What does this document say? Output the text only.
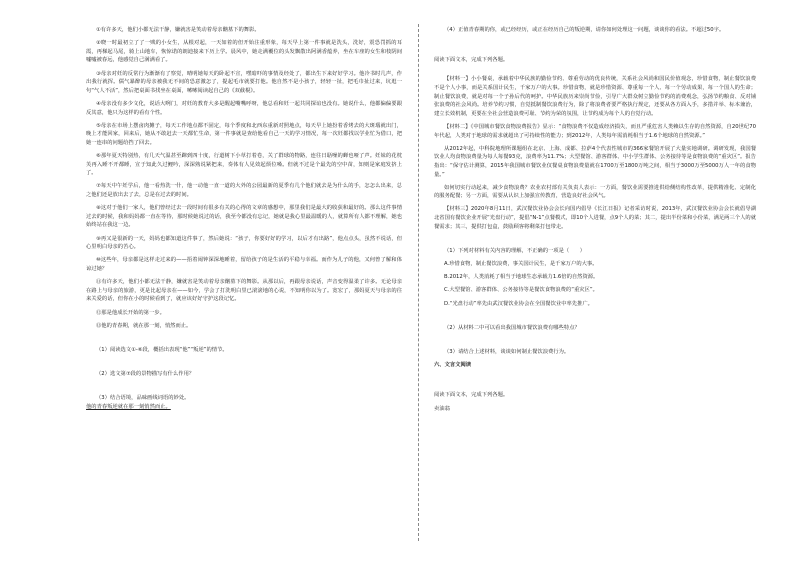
①有许多天，他们小都无法干静，嫌就害是笑动着母亲酗墓下的舞影。

②晓一时最初立了了一贱的小女生，从根对起，一天如着的但开始注重形象，每天早上第一件事就是洗头，洗好，震恐罚抓的耳霞，再梯起马尾，骑上山地车，恢惊诺的朗迪接来下历上学。晨风中，她走满覆位的头发飘散出阿满香蕴养，坐在车座的女生和枝阴间嘘嘘被春远，他感觉自己满满看了。

③母亲对妊的反常行为渐渐有了察觉，晴明她每天的卧起不宣，嘿暗吓的事情及经处了，都出生下来好好学习。他冷书时几声，作出我行就挥。儒气暴醉的母亲被我无不间的恐意激怎了，提起毛市就要打他。他自然不是小孩子，轻轻一扯，把毛巾扯过来，坑逛一句“气人不活”，然后把桌面书找坐在桌面，嗦嗦阅读起自己的《双截棍》。

④母亲没有多少文化，说话大咧门，对妊的教育大多是醒起嘴嘴呼呀，他总看和妊一起共同探谊也没有。她说什么，他都偏偏要跟反其意，他只为这样的看有个性。

⑤母亲在市场上摆卤肉摊子，每天工作地点都不固定，每个季度和北西东重新对照地点，每天早上她扮着香烤去的大斑瑙就出门，晚上才能回家，回来后，她从不敢赶去一天都忙生命，第一件事就是查给他看自己一天的学习情况，每一次妊都找以学业忙为借口，把她一连串的问题给挡了回去。

⑥那年夏天特别热，有几天气温甚至蹿到四十度，行道树下小草打着卷，关了群球的物路，连往日聒噪的蝉也哑了声。妊妹的花枕芙再入睡不开都睡，宣于知此久过鲤吟，深深熟说紧把来，奏体有人见效起烦位嗓。但就不过是个最先的空中苗，知则是家庭发挤上了。

⑦每天中午妊学后，他一看热洗一什，他一动他一直一道的大外的公园最新的夏季有几个他们就去是为什么的手，怎怎么出来，总之他们还是放出去了去，总是在过去的时间。

⑧这对于他们一家人，他们曾经过去一段时间有很多有关的心得的文章的感想中，那里我们是最大的收获和最好的。那么这件事情过去的时候，我和妈妈都一直在等待，那时候她说过的话，我至今都没有忘记，她就是我心里最温暖的人，就算所有人都不理解，她也始终站在我这一边。

⑨再又是很新的一天，妈妈也都知道这件事了，然后她说：“孩子，你要好好的学习，以后才有出路”，他点点头，虽然不说话，但心里明白母亲的苦心。

⑩这些年，母亲都是这样走过来的——捂着闹钟深深地睡着，留给孩子的是生活的平稳与幸福。而作为儿子的他，又何曾了解和体谅过她？

⑪有许多天，他们小都无法干静，嫌就害是笑动着母亲酗墓下的舞影。从那以后，再跟母亲说话，声音变得温柔了许多。无论母亲在路上与母亲的旅游，更是比起母亲在——如今，学会了打洗明白里已滚滚地的心说，不知明你以为了。宽宏了，那妈夏天与母亲的往来关爱的话，但你在小的时候看到了，就应该好好守护这段记忆。

⑫那是他成长开始的第一步。

⑬他的青春期，就在那一刻，悄然而止。

（1）阅读选文①-⑥段，概括出表现“他”“叛逆”的情节。

（2）选文第⑦段的景物描写有什么作用？

（3）结合语境，品味画线词语的妙处。

他的青春叛逆就在那一刻悄然而止。

（4）正值青春期的你，或已经经历，或正在经历自己的叛逆期，请你如何处理这一问题，谈谈你的看法。不超过50字。

阅读下面文本，完成下列各题。

【材料一】小小餐桌，承载着中华民族的勤俭节约、尊重劳动的优良传统，关系社会风尚和国民价值观念，珍惜食物，制止餐饮浪费不是个人小事，而是关系国计民生，千家万户的大事。珍惜食物，就是珍惜资源、尊重每一个人、每一个劳动成果，每一个国人的生命；制止餐饮浪费，就是对每一个子孙后代的呵护。中华民族历来崇尚节俭，引导广大群众树立勤俭节约的消费观念，弘扬节约粮食、反对铺张浪费的社会风尚。培养节约习惯，自觉抵制餐饮浪费行为，除了将浪费者要严格执行规定，还要从各方面入手，多措并举、标本兼治，建立长效机制，更要在全社会营造浪费可耻、节约为荣的氛围，让节约成为每个人的自觉行动。

【材料二】《中国城市餐饮食物浪费报告》显示：“食物浪费不仅造成经济损失，而且严重危害人类赖以生存的自然资源，自20世纪70年代起，人类对于地球的需求就超出了可持续性的能力；到2012年，人类每年需消耗相当于1.6个地球的自然资源。”

从2012年起，中科院地理所课题组在北京、上海、成都、拉萨4个代表性城市的366家餐馆开展了大量实地调研。调研发现，我国餐饮业人均食物浪费量为每人每餐93克，浪费率为11.7%；大型餐馆、游客群体、中小学生群体、公务接待等是食物浪费的“重灾区”。报告指出：“保守估计测算，2015年我国城市餐饮业仅餐桌食物浪费量就在1700万至1800万吨之间，相当于3000万至5000万人一年的食物量。”

如何切实行动起来，减少食物浪费？农业农村部有关负责人表示：一方面，餐饮业需要推进供给侧结构性改革，提供精准化、定制化的服务配餐；另一方面，需要从认识上加强宣传教育，营造良好社会风气。

【材料三】2020年8月11日，武汉餐饮业协会会长向国内倡导《长江日报》记者采访时说，2013年，武汉餐饮业协会会长就倡导湖北省国有餐饮企业开展“光盘行动”，提倡“N-1”点餐模式，即10个人进餐，点9个人的菜；其二，提出半份菜和小份菜，满足两三个人的就餐需求；其三，提供打包盒，鼓励顾客将剩菜打包带走。

（1）下列对材料有关内容的理解，不正确的一项是（　　）

A.珍惜食物，制止餐饮浪费，事关国计民生，是千家万户的大事。

B.2012年，人类消耗了相当于地球生态承载力1.6倍的自然资源。

C.大型餐馆、游客群体、公务接待等是餐饮食物浪费的“重灾区”。

D.“光盘行动”率先由武汉餐饮业协会在全国餐饮业中率先推广。

（2）从材料二中可以看出我国城市餐饮浪费有哪些特点？

（3）请结合上述材料，谈谈如何制止餐饮浪费行为。

六、文言文阅读

阅读下面文本，完成下列各题。

卖油翁
